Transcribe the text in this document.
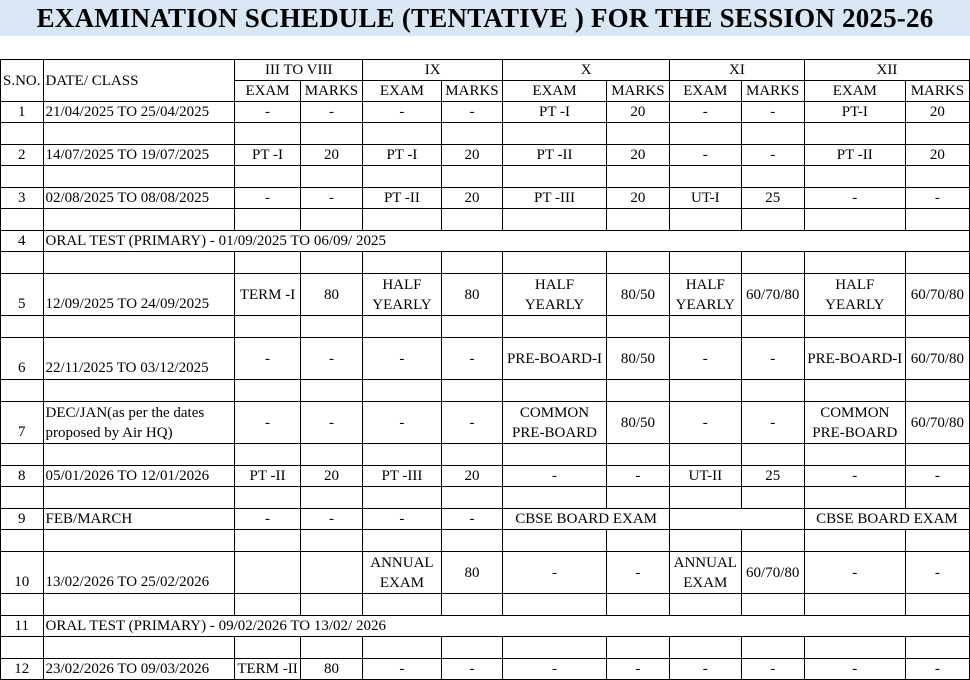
EXAMINATION SCHEDULE (TENTATIVE ) FOR THE SESSION 2025-26
S.NO.	DATE/ CLASS	III TO VIII		IX		X		XI		XII	
		EXAM	MARKS	EXAM	MARKS	EXAM	MARKS	EXAM	MARKS	EXAM	MARKS
1	21/04/2025 TO 25/04/2025	-	-	-	-	PT -I	20	-	-	PT-I	20

2	14/07/2025 TO 19/07/2025	PT -I	20	PT -I	20	PT -II	20	-	-	PT -II	20

3	02/08/2025 TO 08/08/2025	-	-	PT -II	20	PT -III	20	UT-I	25	-	-

4	ORAL TEST (PRIMARY) - 01/09/2025 TO 06/09/ 2025										

5	12/09/2025 TO 24/09/2025	TERM -I	80	HALF YEARLY	80	HALF YEARLY	80/50	HALF YEARLY	60/70/80	HALF YEARLY	60/70/80

6	22/11/2025 TO 03/12/2025	-	-	-	-	PRE-BOARD-I	80/50	-	-	PRE-BOARD-I	60/70/80

7	DEC/JAN(as per the dates proposed by Air HQ)	-	-	-	-	COMMON PRE-BOARD	80/50	-	-	COMMON PRE-BOARD	60/70/80

8	05/01/2026 TO 12/01/2026	PT -II	20	PT -III	20	-	-	UT-II	25	-	-

9	FEB/MARCH	-	-	-	-	CBSE BOARD EXAM				CBSE BOARD EXAM	

10	13/02/2026 TO 25/02/2026			ANNUAL EXAM	80	-	-	ANNUAL EXAM	60/70/80	-	-

11	ORAL TEST (PRIMARY) - 09/02/2026 TO 13/02/ 2026										

12	23/02/2026 TO 09/03/2026	TERM -II	80	-	-	-	-	-	-	-	-
